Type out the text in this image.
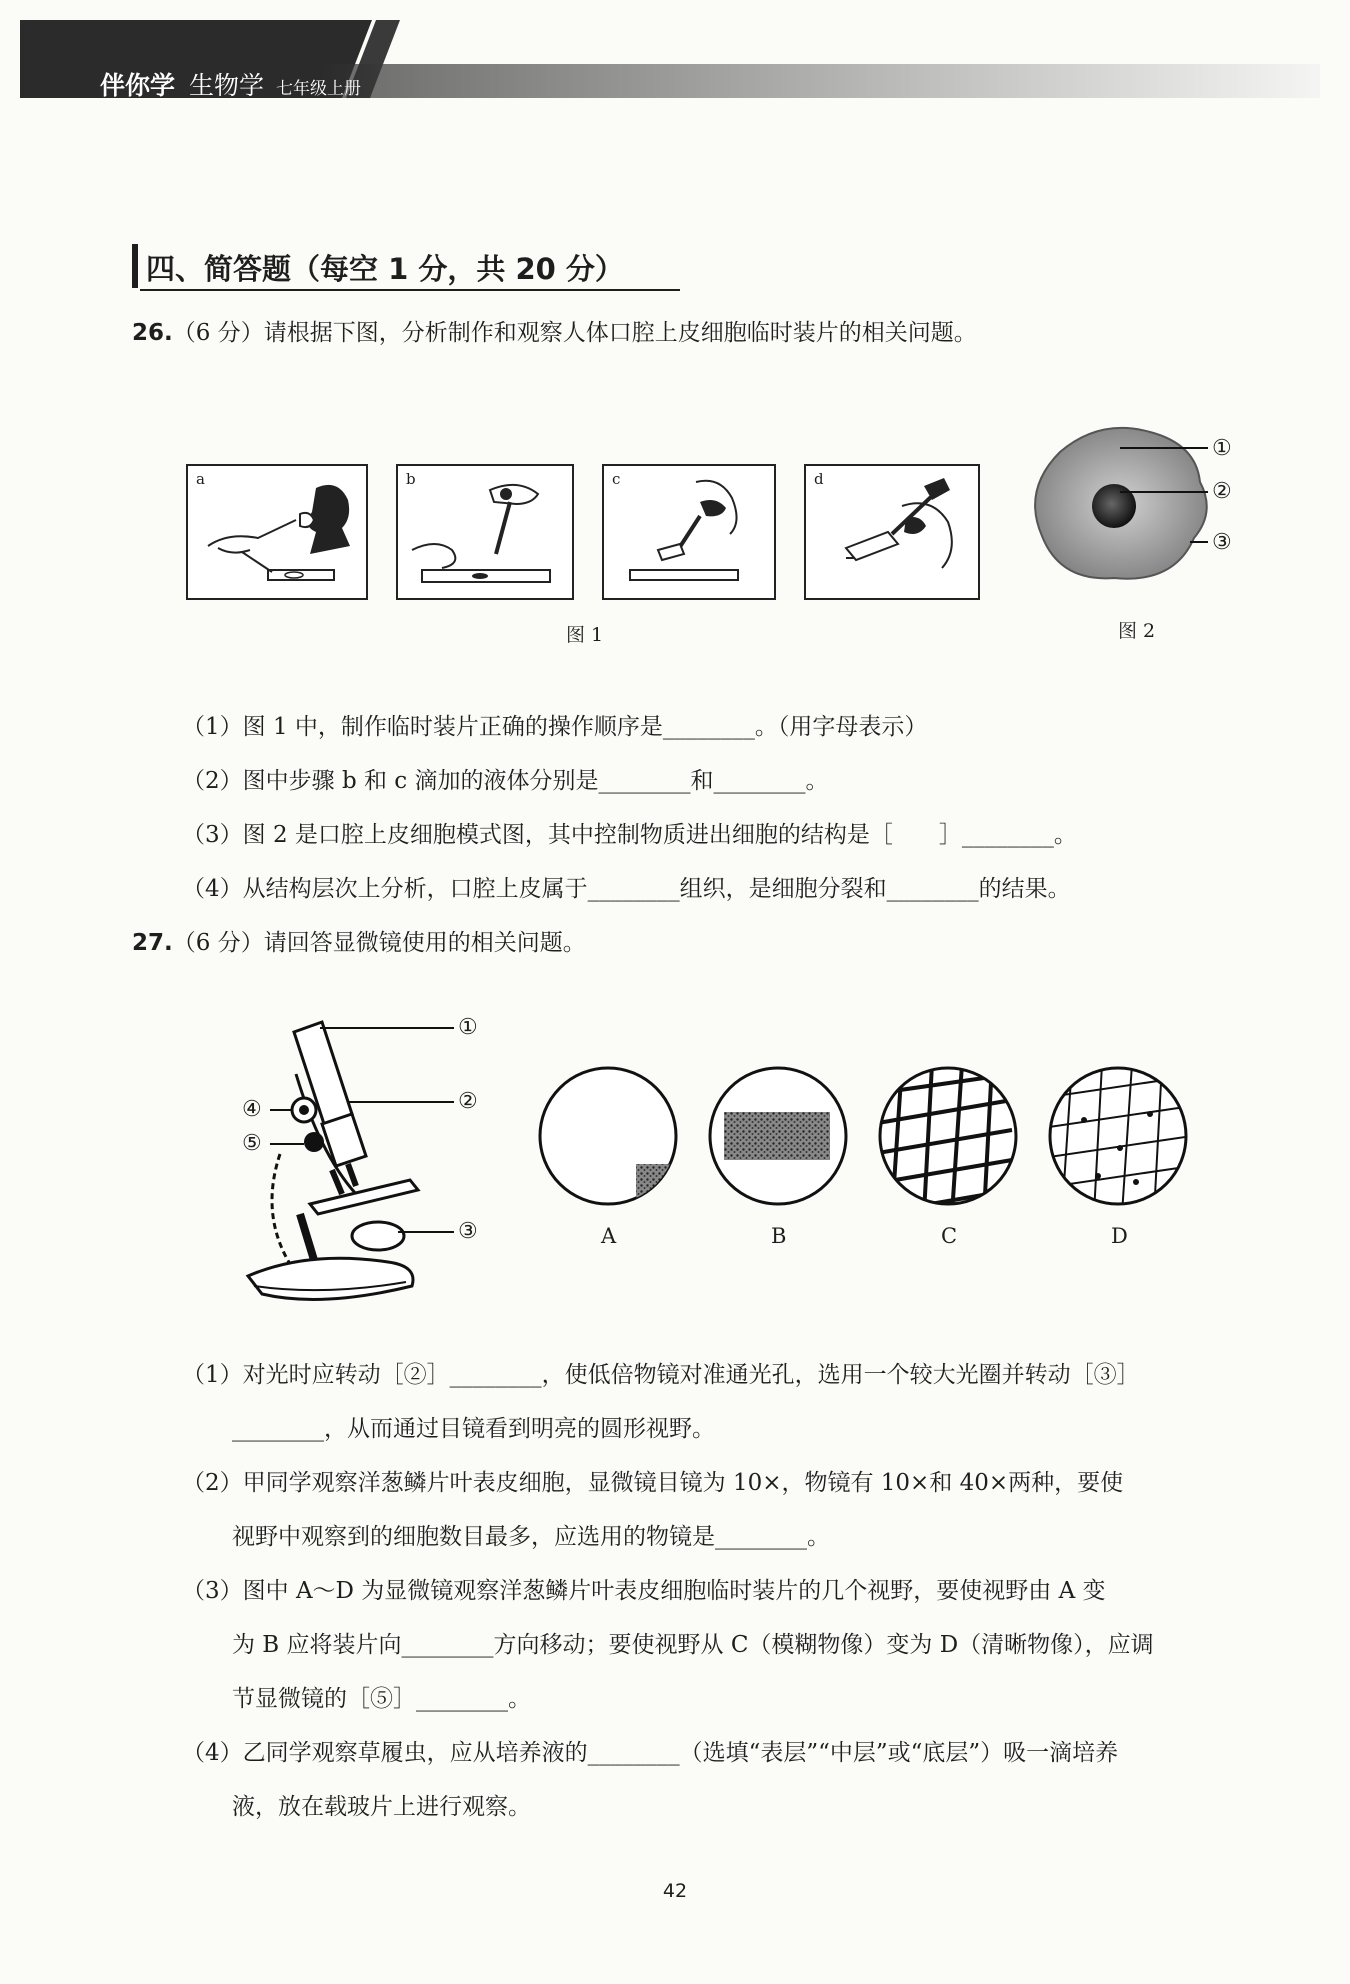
伴你学 生物学 七年级上册
四、简答题（每空 1 分，共 20 分）
26.（6 分）请根据下图，分析制作和观察人体口腔上皮细胞临时装片的相关问题。
a	b	c	d
图 1
①
②
③
图 2
（1）图 1 中，制作临时装片正确的操作顺序是________。（用字母表示）
（2）图中步骤 b 和 c 滴加的液体分别是________和________。
（3）图 2 是口腔上皮细胞模式图，其中控制物质进出细胞的结构是［　　］________。
（4）从结构层次上分析，口腔上皮属于________组织，是细胞分裂和________的结果。
27.（6 分）请回答显微镜使用的相关问题。
①
②
③
④
⑤
A	B	C	D
（1）对光时应转动［②］________，使低倍物镜对准通光孔，选用一个较大光圈并转动［③］
________，从而通过目镜看到明亮的圆形视野。
（2）甲同学观察洋葱鳞片叶表皮细胞，显微镜目镜为 10×，物镜有 10×和 40×两种，要使
视野中观察到的细胞数目最多，应选用的物镜是________。
（3）图中 A～D 为显微镜观察洋葱鳞片叶表皮细胞临时装片的几个视野，要使视野由 A 变
为 B 应将装片向________方向移动；要使视野从 C（模糊物像）变为 D（清晰物像），应调
节显微镜的［⑤］________。
（4）乙同学观察草履虫，应从培养液的________（选填“表层”“中层”或“底层”）吸一滴培养
液，放在载玻片上进行观察。
42
